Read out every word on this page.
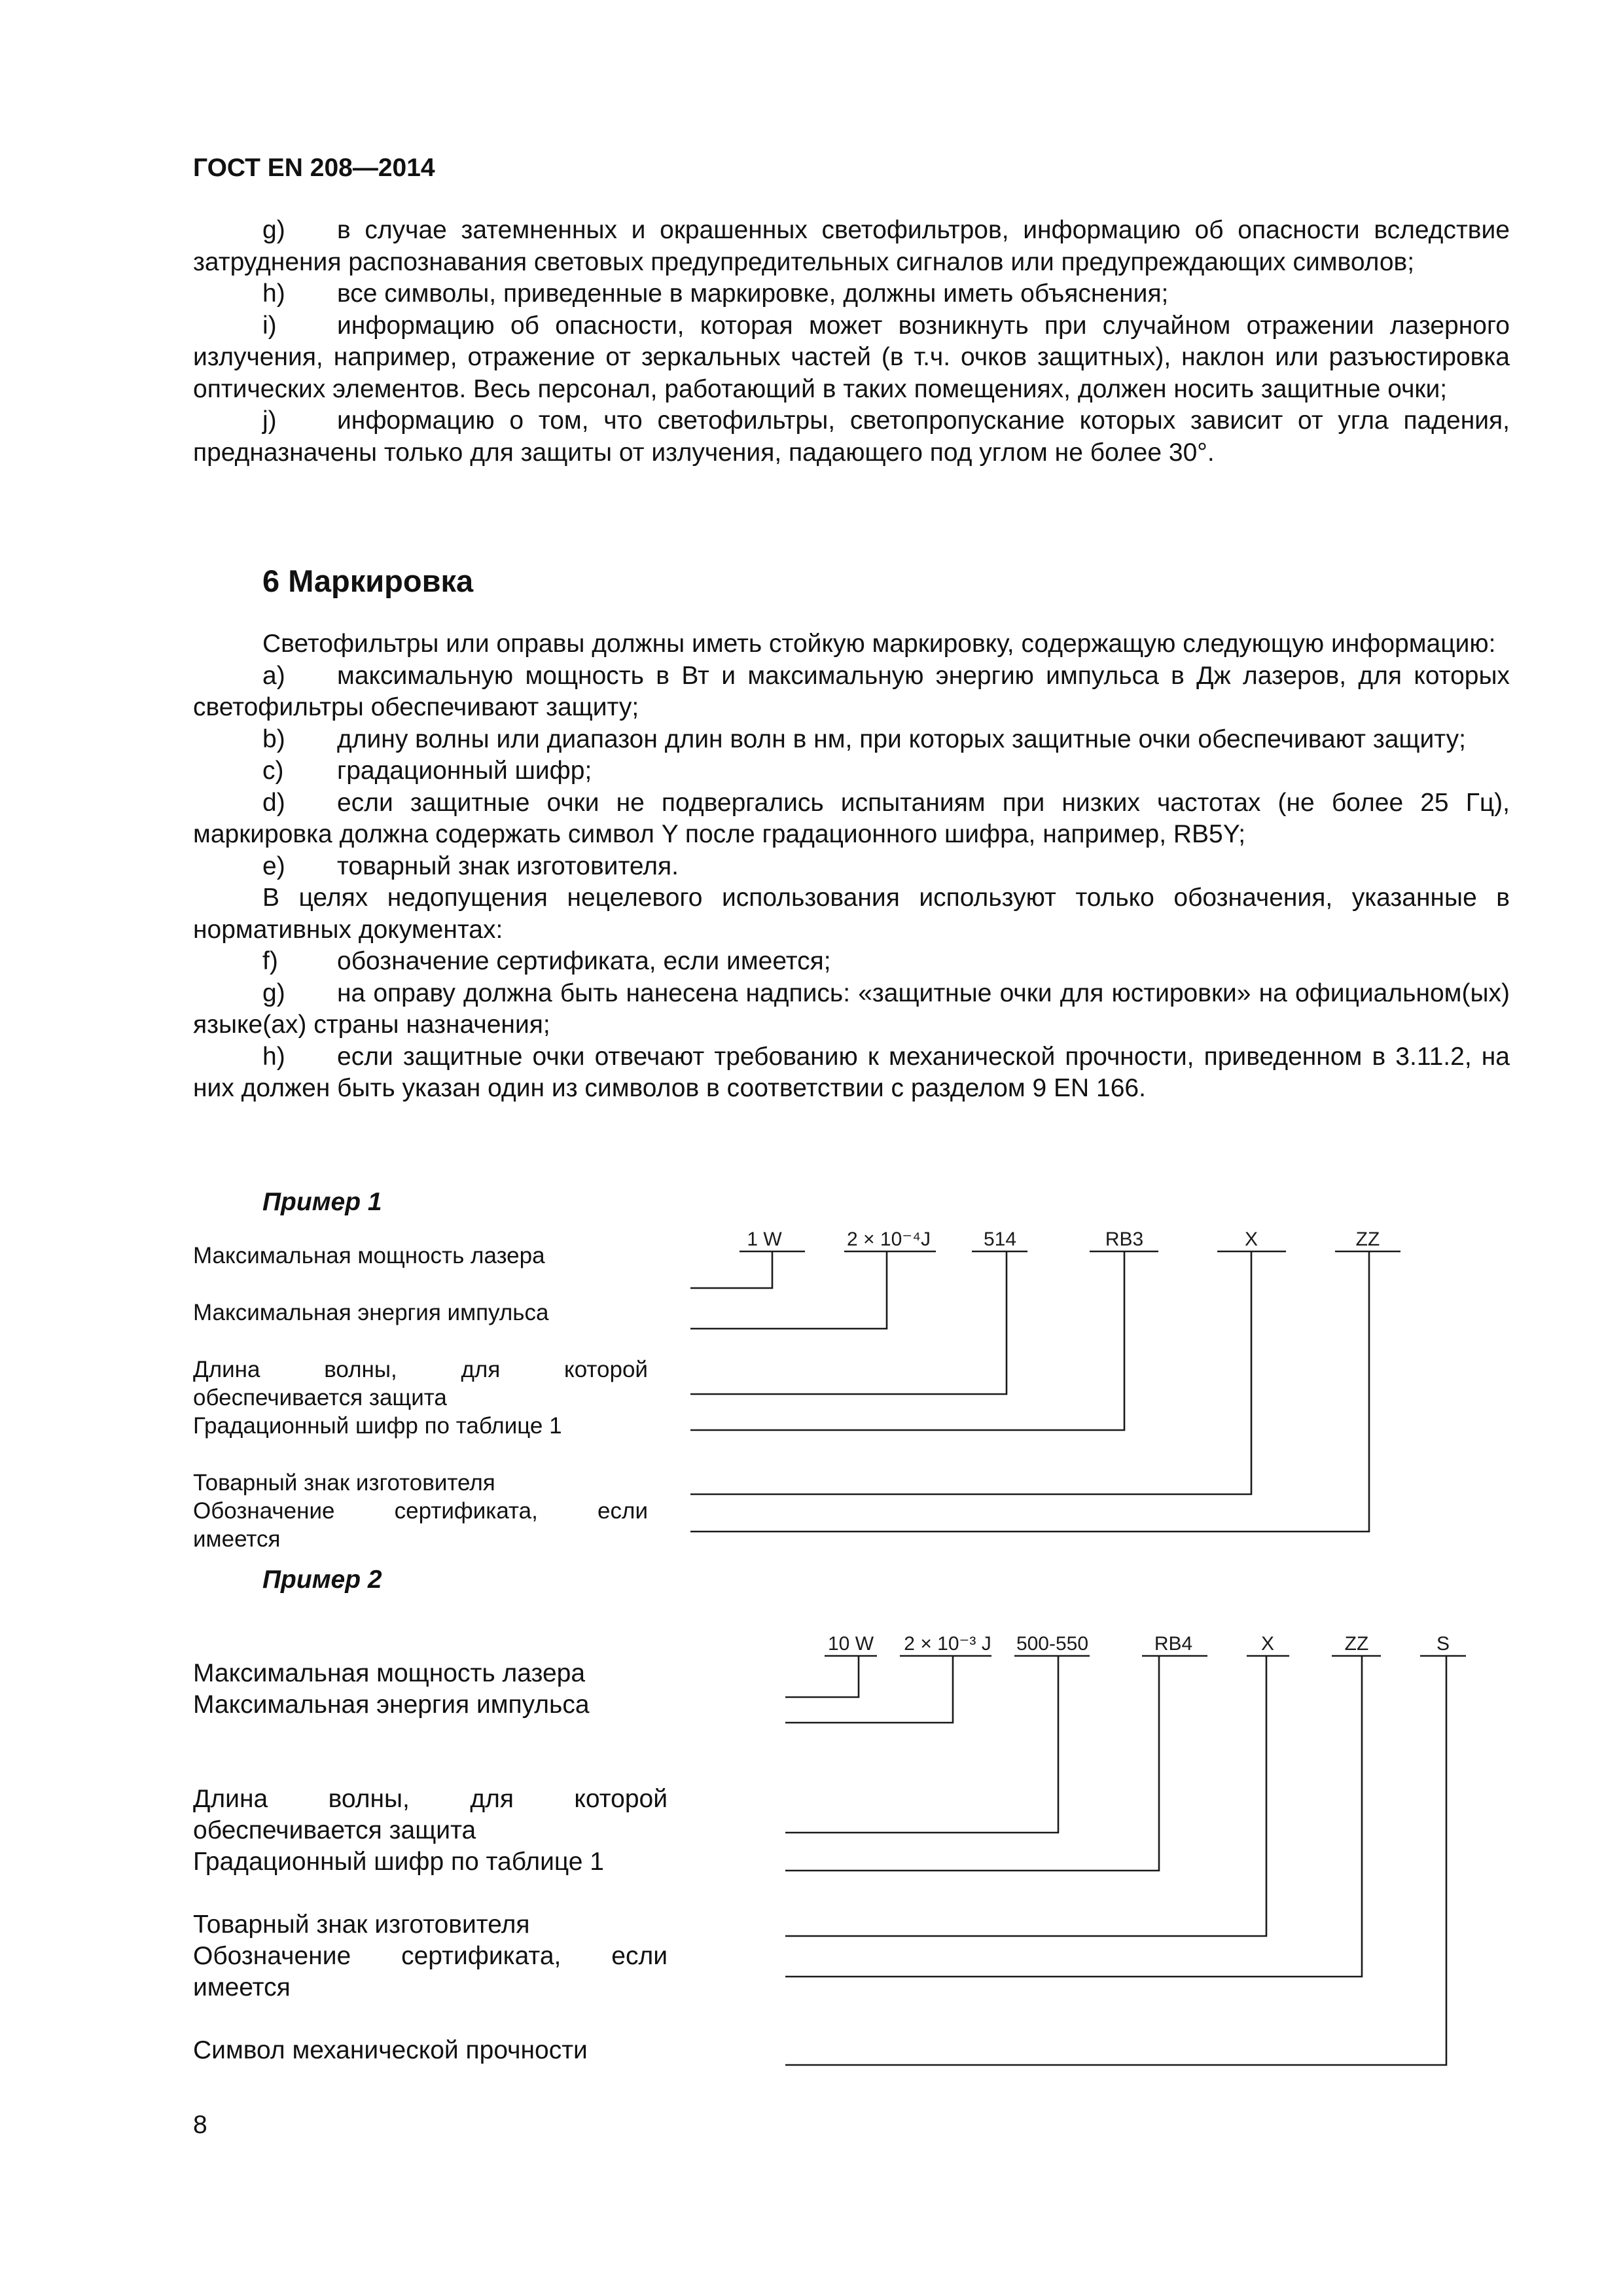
ГОСТ EN 208—2014

g) в случае затемненных и окрашенных светофильтров, информацию об опасности вследствие затруднения распознавания световых предупредительных сигналов или предупреждающих символов;

h) все символы, приведенные в маркировке, должны иметь объяснения;

i) информацию об опасности, которая может возникнуть при случайном отражении лазерного излучения, например, отражение от зеркальных частей (в т.ч. очков защитных), наклон или разъюстировка оптических элементов. Весь персонал, работающий в таких помещениях, должен носить защитные очки;

j) информацию о том, что светофильтры, светопропускание которых зависит от угла падения, предназначены только для защиты от излучения, падающего под углом не более 30°.

6 Маркировка

Светофильтры или оправы должны иметь стойкую маркировку, содержащую следующую информацию:

a) максимальную мощность в Вт и максимальную энергию импульса в Дж лазеров, для которых светофильтры обеспечивают защиту;

b) длину волны или диапазон длин волн в нм, при которых защитные очки обеспечивают защиту;

c) градационный шифр;

d) если защитные очки не подвергались испытаниям при низких частотах (не более 25 Гц), маркировка должна содержать символ Y после градационного шифра, например, RB5Y;

e) товарный знак изготовителя.

В целях недопущения нецелевого использования используют только обозначения, указанные в нормативных документах:

f) обозначение сертификата, если имеется;

g) на оправу должна быть нанесена надпись: «защитные очки для юстировки» на официальном(ых) языке(ах) страны назначения;

h) если защитные очки отвечают требованию к механической прочности, приведенном в 3.11.2, на них должен быть указан один из символов в соответствии с разделом 9 EN 166.

Пример 1
Максимальная мощность лазера
Максимальная энергия импульса
Длина волны, для которой
обеспечивается защита
Градационный шифр по таблице 1
Товарный знак изготовителя
Обозначение сертификата, если
имеется
1 W	2 × 10⁻⁴J	514	RB3	X	ZZ
Пример 2
Максимальная мощность лазера
Максимальная энергия импульса
Длина волны, для которой
обеспечивается защита
Градационный шифр по таблице 1
Товарный знак изготовителя
Обозначение сертификата, если
имеется
Символ механической прочности
10 W 2 × 10⁻³ J 500-550	RB4	X	ZZ	S
8
